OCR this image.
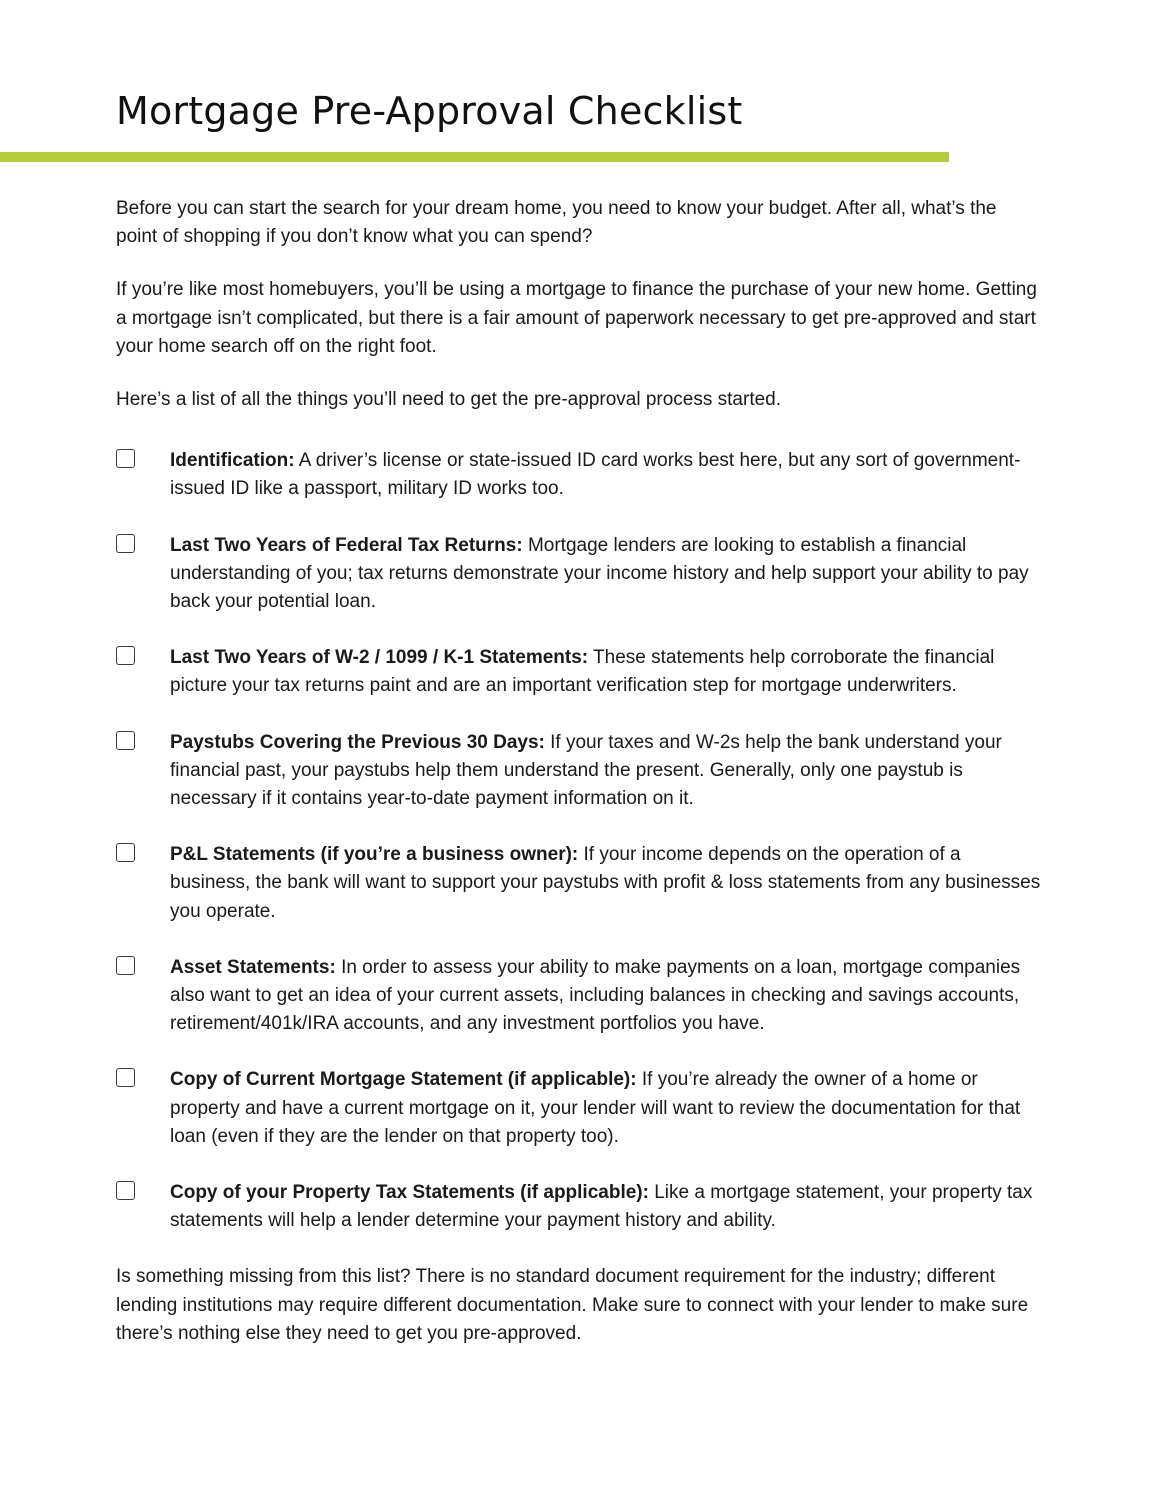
Mortgage Pre-Approval Checklist

Before you can start the search for your dream home, you need to know your budget. After all, what’s the point of shopping if you don’t know what you can spend?

If you’re like most homebuyers, you’ll be using a mortgage to finance the purchase of your new home. Getting a mortgage isn’t complicated, but there is a fair amount of paperwork necessary to get pre-approved and start your home search off on the right foot.

Here’s a list of all the things you’ll need to get the pre-approval process started.

Identification: A driver’s license or state-issued ID card works best here, but any sort of government-issued ID like a passport, military ID works too.
Last Two Years of Federal Tax Returns: Mortgage lenders are looking to establish a financial understanding of you; tax returns demonstrate your income history and help support your ability to pay back your potential loan.
Last Two Years of W-2 / 1099 / K-1 Statements: These statements help corroborate the financial picture your tax returns paint and are an important verification step for mortgage underwriters.
Paystubs Covering the Previous 30 Days: If your taxes and W-2s help the bank understand your financial past, your paystubs help them understand the present. Generally, only one paystub is necessary if it contains year-to-date payment information on it.
P&L Statements (if you’re a business owner): If your income depends on the operation of a business, the bank will want to support your paystubs with profit & loss statements from any businesses you operate.
Asset Statements: In order to assess your ability to make payments on a loan, mortgage companies also want to get an idea of your current assets, including balances in checking and savings accounts, retirement/401k/IRA accounts, and any investment portfolios you have.
Copy of Current Mortgage Statement (if applicable): If you’re already the owner of a home or property and have a current mortgage on it, your lender will want to review the documentation for that loan (even if they are the lender on that property too).
Copy of your Property Tax Statements (if applicable): Like a mortgage statement, your property tax statements will help a lender determine your payment history and ability.

Is something missing from this list? There is no standard document requirement for the industry; different lending institutions may require different documentation. Make sure to connect with your lender to make sure there’s nothing else they need to get you pre-approved.
